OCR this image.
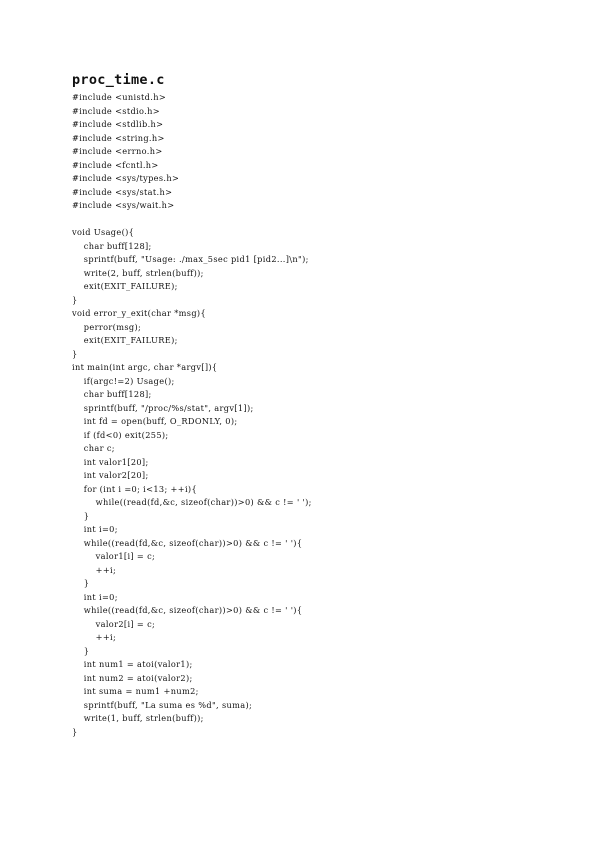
proc_time.c
#include <unistd.h>
#include <stdio.h>
#include <stdlib.h>
#include <string.h>
#include <errno.h>
#include <fcntl.h>
#include <sys/types.h>
#include <sys/stat.h>
#include <sys/wait.h>
void Usage(){
char buff[128];
sprintf(buff, "Usage: ./max_5sec pid1 [pid2...]\n");
write(2, buff, strlen(buff));
exit(EXIT_FAILURE);
}
void error_y_exit(char *msg){
perror(msg);
exit(EXIT_FAILURE);
}
int main(int argc, char *argv[]){
if(argc!=2) Usage();
char buff[128];
sprintf(buff, "/proc/%s/stat", argv[1]);
int fd = open(buff, O_RDONLY, 0);
if (fd<0) exit(255);
char c;
int valor1[20];
int valor2[20];
for (int i =0; i<13; ++i){
while((read(fd,&c, sizeof(char))>0) && c != ' ');
}
int i=0;
while((read(fd,&c, sizeof(char))>0) && c != ' '){
valor1[i] = c;
++i;
}
int i=0;
while((read(fd,&c, sizeof(char))>0) && c != ' '){
valor2[i] = c;
++i;
}
int num1 = atoi(valor1);
int num2 = atoi(valor2);
int suma = num1 +num2;
sprintf(buff, "La suma es %d", suma);
write(1, buff, strlen(buff));
}
